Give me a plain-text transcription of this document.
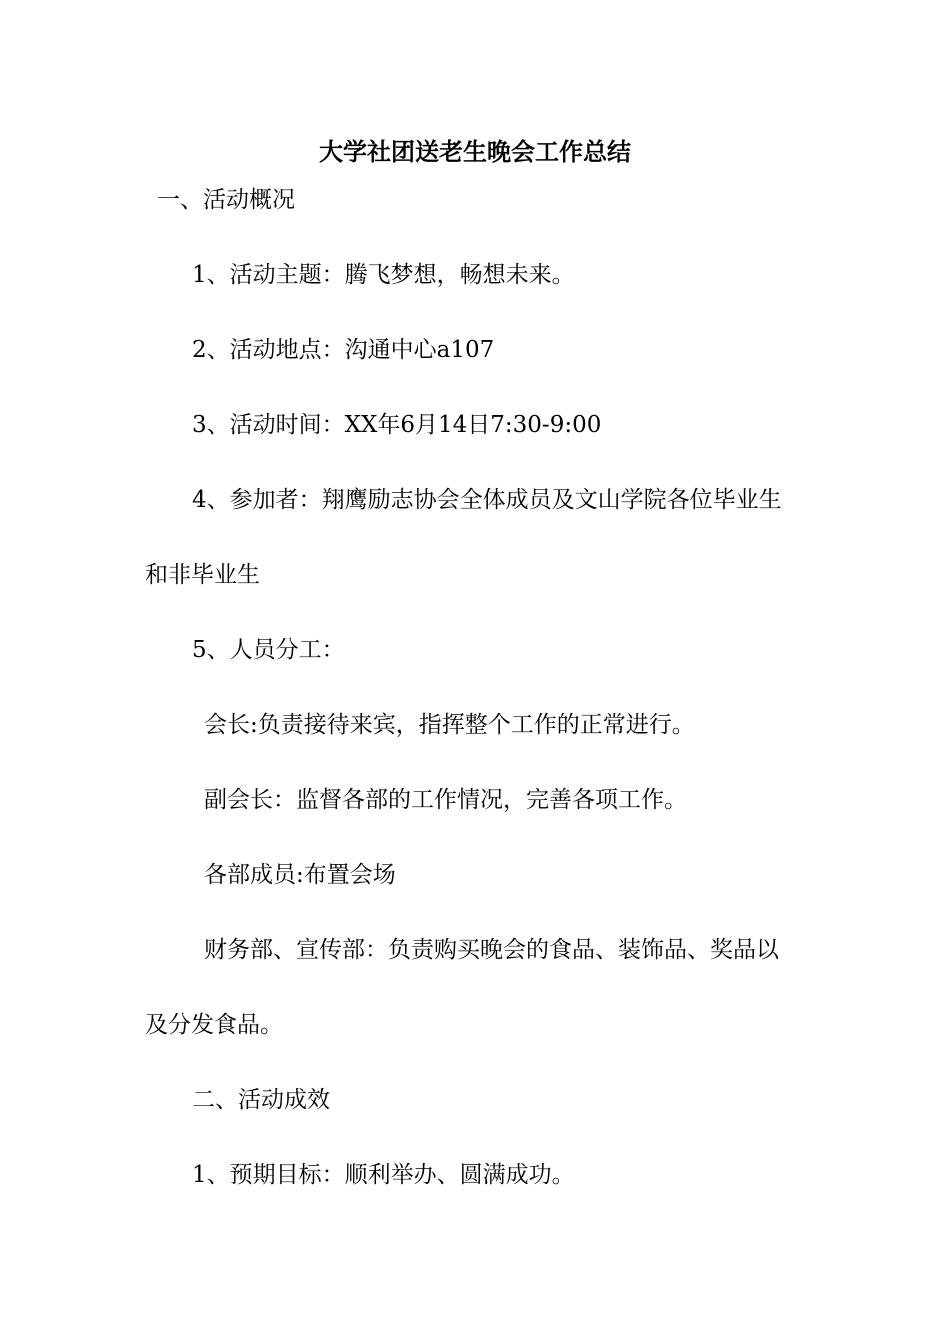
大学社团送老生晚会工作总结
一、活动概况
1、活动主题：腾飞梦想，畅想未来。
2、活动地点：沟通中心a107
3、活动时间：XX年6月14日7:30-9:00
4、参加者：翔鹰励志协会全体成员及文山学院各位毕业生
和非毕业生
5、人员分工：
会长:负责接待来宾，指挥整个工作的正常进行。
副会长：监督各部的工作情况，完善各项工作。
各部成员:布置会场
财务部、宣传部：负责购买晚会的食品、装饰品、奖品以
及分发食品。
二、活动成效
1、预期目标：顺利举办、圆满成功。
